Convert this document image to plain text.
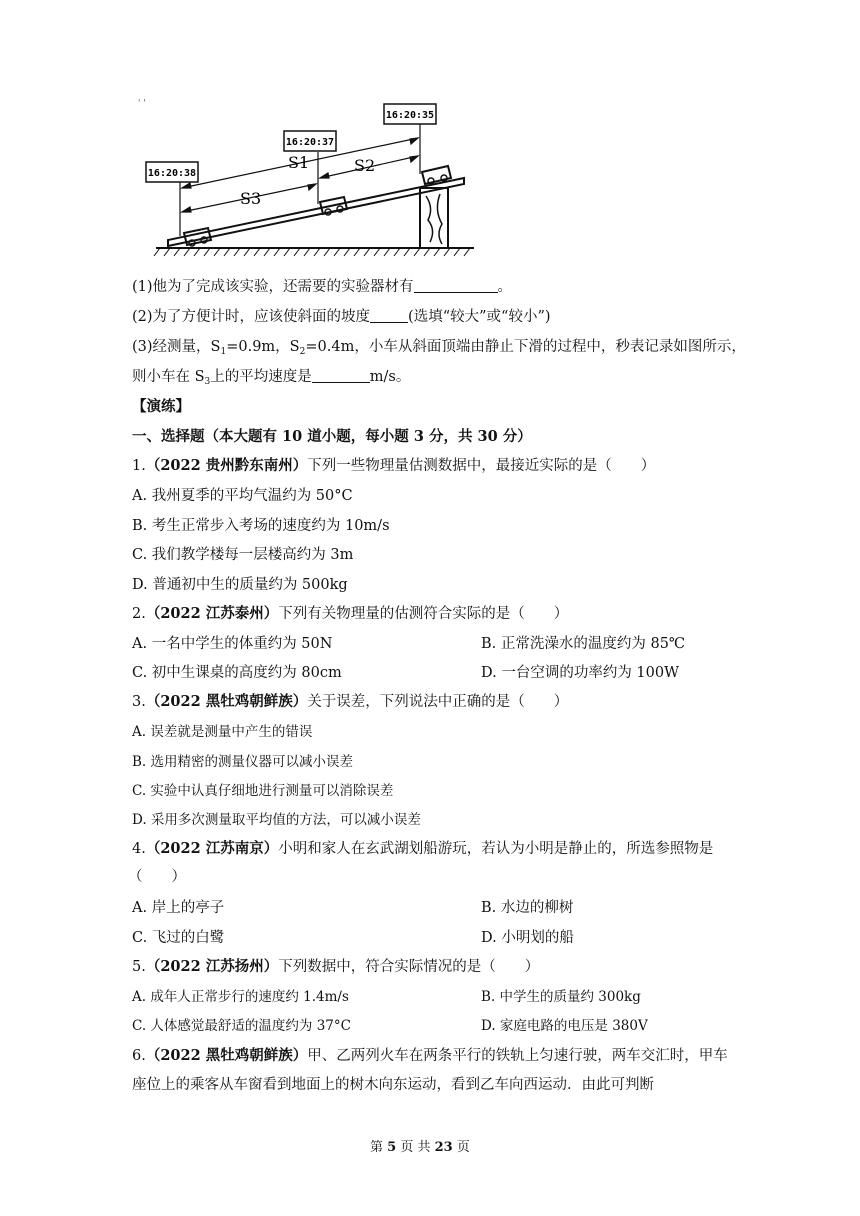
' '
S3
S1	S2
16:20:38
16:20:37
16:20:35
(1)他为了完成该实验，还需要的实验器材有	。
(2)为了方便计时，应该使斜面的坡度	(选填“较大”或“较小”)
(3)经测量，$S_1=0.9m$，$S_2=0.4m$，小车从斜面顶端由静止下滑的过程中，秒表记录如图所示，
则小车在 $S_3$上的平均速度是	m/s。
【演练】
一、选择题（本大题有 10 道小题，每小题 3 分，共 30 分）
1.（2022 贵州黔东南州）下列一些物理量估测数据中，最接近实际的是（　　）
A. 我州夏季的平均气温约为 50°C
B. 考生正常步入考场的速度约为 10m/s
C. 我们教学楼每一层楼高约为 3m
D. 普通初中生的质量约为 500kg
2.（2022 江苏泰州）下列有关物理量的估测符合实际的是（　　）
A. 一名中学生的体重约为 50N	B. 正常洗澡水的温度约为 85℃
C. 初中生课桌的高度约为 80cm	D. 一台空调的功率约为 100W
3.（2022 黑牡鸡朝鲜族）关于误差，下列说法中正确的是（　　）
A. 误差就是测量中产生的错误
B. 选用精密的测量仪器可以减小误差
C. 实验中认真仔细地进行测量可以消除误差
D. 采用多次测量取平均值的方法，可以减小误差
4.（2022 江苏南京）小明和家人在玄武湖划船游玩，若认为小明是静止的，所选参照物是
（　　）
A. 岸上的亭子	B. 水边的柳树
C. 飞过的白鹭	D. 小明划的船
5.（2022 江苏扬州）下列数据中，符合实际情况的是（　　）
A. 成年人正常步行的速度约 1.4m/s	B. 中学生的质量约 300kg
C. 人体感觉最舒适的温度约为 37°C	D. 家庭电路的电压是 380V
6.（2022 黑牡鸡朝鲜族）甲、乙两列火车在两条平行的铁轨上匀速行驶，两车交汇时，甲车
座位上的乘客从车窗看到地面上的树木向东运动，看到乙车向西运动．由此可判断
第 5 页 共 23 页
